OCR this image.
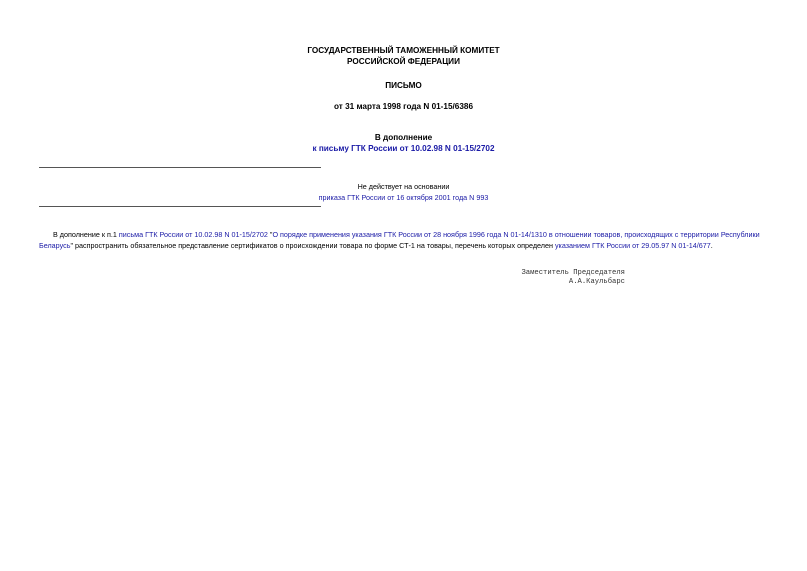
ГОСУДАРСТВЕННЫЙ ТАМОЖЕННЫЙ КОМИТЕТ
РОССИЙСКОЙ ФЕДЕРАЦИИ
ПИСЬМО
от 31 марта 1998 года N 01-15/6386
В дополнение
к письму ГТК России от 10.02.98 N 01-15/2702
Не действует на основании
приказа ГТК России от 16 октября 2001 года N 993

В дополнение к п.1 письма ГТК России от 10.02.98 N 01-15/2702 "О порядке применения указания ГТК России от 28 ноября 1996 года N 01-14/1310 в отношении товаров, происходящих с территории Республики Беларусь" распространить обязательное представление сертификатов о происхождении товара по форме СТ-1 на товары, перечень которых определен указанием ГТК России от 29.05.97 N 01-14/677.

Заместитель Председателя
А.А.Каульбарс
